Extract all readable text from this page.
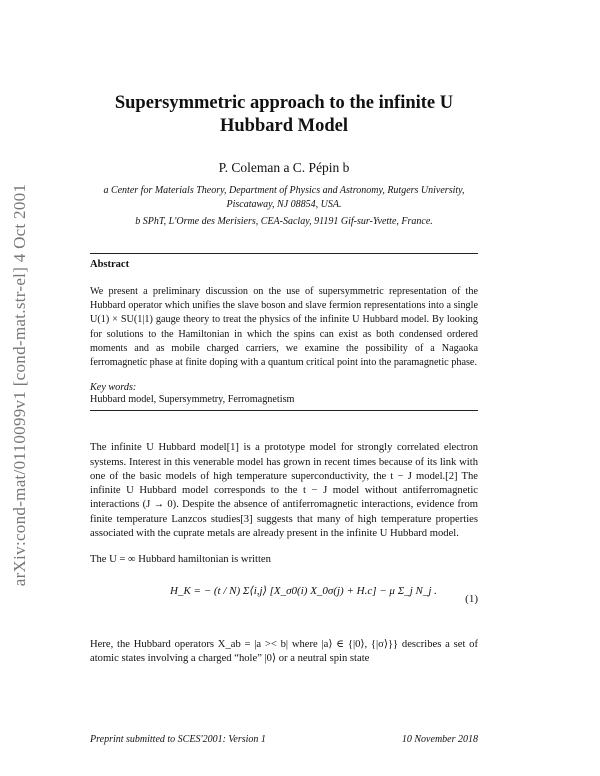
arXiv:cond-mat/0110099v1 [cond-mat.str-el] 4 Oct 2001
Supersymmetric approach to the infinite U
Hubbard Model
P. Coleman a C. Pépin b
a Center for Materials Theory, Department of Physics and Astronomy, Rutgers University, Piscataway, NJ 08854, USA.
b SPhT, L'Orme des Merisiers, CEA-Saclay, 91191 Gif-sur-Yvette, France.
Abstract
We present a preliminary discussion on the use of supersymmetric representation of the Hubbard operator which unifies the slave boson and slave fermion representations into a single U(1) × SU(1|1) gauge theory to treat the physics of the infinite U Hubbard model. By looking for solutions to the Hamiltonian in which the spins can exist as both condensed ordered moments and as mobile charged carriers, we examine the possibility of a Nagaoka ferromagnetic phase at finite doping with a quantum critical point into the paramagnetic phase.
Key words:
Hubbard model, Supersymmetry, Ferromagnetism
The infinite U Hubbard model[1] is a prototype model for strongly correlated electron systems. Interest in this venerable model has grown in recent times because of its link with one of the basic models of high temperature superconductivity, the t − J model.[2] The infinite U Hubbard model corresponds to the t − J model without antiferromagnetic interactions (J → 0). Despite the absence of antiferromagnetic interactions, evidence from finite temperature Lanzcos studies[3] suggests that many of high temperature properties associated with the cuprate metals are already present in the infinite U Hubbard model.
The U = ∞ Hubbard hamiltonian is written
H_K = − (t / N) Σ⟨i,j⟩ [X_σ0(i) X_0σ(j) + H.c] − μ Σ_j N_j .
(1)
Here, the Hubbard operators X_ab = |a >< b| where |a⟩ ∈ {|0⟩, {|σ⟩}} describes a set of atomic states involving a charged “hole” |0⟩ or a neutral spin state
Preprint submitted to SCES'2001: Version 1	10 November 2018
